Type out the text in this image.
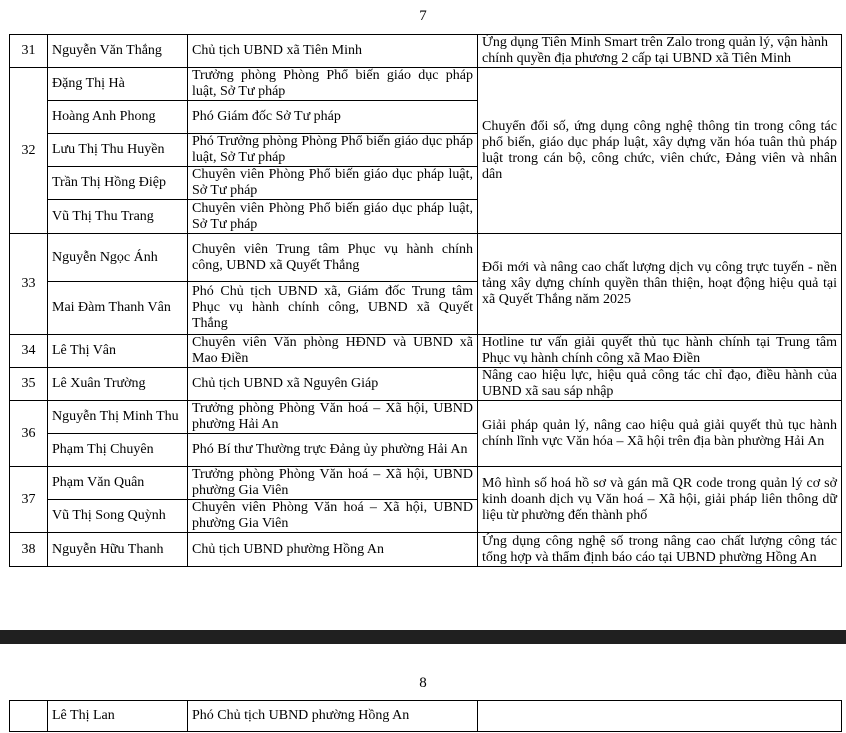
7
31	Nguyễn Văn Thắng	Chủ tịch UBND xã Tiên Minh	Ứng dụng Tiên Minh Smart trên Zalo trong quản lý, vận hành chính quyền địa phương 2 cấp tại UBND xã Tiên Minh
32	Đặng Thị Hà	Trưởng phòng Phòng Phổ biến giáo dục pháp luật, Sở Tư pháp	Chuyển đổi số, ứng dụng công nghệ thông tin trong công tác phổ biến, giáo dục pháp luật, xây dựng văn hóa tuân thủ pháp luật trong cán bộ, công chức, viên chức, Đảng viên và nhân dân
	Hoàng Anh Phong	Phó Giám đốc Sở Tư pháp	
	Lưu Thị Thu Huyền	Phó Trưởng phòng Phòng Phổ biến giáo dục pháp luật, Sở Tư pháp	
	Trần Thị Hồng Điệp	Chuyên viên Phòng Phổ biến giáo dục pháp luật, Sở Tư pháp	
	Vũ Thị Thu Trang	Chuyên viên Phòng Phổ biến giáo dục pháp luật, Sở Tư pháp	
33	Nguyễn Ngọc Ánh	Chuyên viên Trung tâm Phục vụ hành chính công, UBND xã Quyết Thắng	Đổi mới và nâng cao chất lượng dịch vụ công trực tuyến - nền tảng xây dựng chính quyền thân thiện, hoạt động hiệu quả tại xã Quyết Thắng năm 2025
	Mai Đàm Thanh Vân	Phó Chủ tịch UBND xã, Giám đốc Trung tâm Phục vụ hành chính công, UBND xã Quyết Thắng	
34	Lê Thị Vân	Chuyên viên Văn phòng HĐND và UBND xã Mao Điền	Hotline tư vấn giải quyết thủ tục hành chính tại Trung tâm Phục vụ hành chính công xã Mao Điền
35	Lê Xuân Trường	Chủ tịch UBND xã Nguyên Giáp	Nâng cao hiệu lực, hiệu quả công tác chỉ đạo, điều hành của UBND xã sau sáp nhập
36	Nguyễn Thị Minh Thu	Trưởng phòng Phòng Văn hoá – Xã hội, UBND phường Hải An	Giải pháp quản lý, nâng cao hiệu quả giải quyết thủ tục hành chính lĩnh vực Văn hóa – Xã hội trên địa bàn phường Hải An
	Phạm Thị Chuyên	Phó Bí thư Thường trực Đảng ủy phường Hải An	
37	Phạm Văn Quân	Trưởng phòng Phòng Văn hoá – Xã hội, UBND phường Gia Viên	Mô hình số hoá hồ sơ và gán mã QR code trong quản lý cơ sở kinh doanh dịch vụ Văn hoá – Xã hội, giải pháp liên thông dữ liệu từ phường đến thành phố
	Vũ Thị Song Quỳnh	Chuyên viên Phòng Văn hoá – Xã hội, UBND phường Gia Viên	
38	Nguyễn Hữu Thanh	Chủ tịch UBND phường Hồng An	Ứng dụng công nghệ số trong nâng cao chất lượng công tác tổng hợp và thẩm định báo cáo tại UBND phường Hồng An
8
	Lê Thị Lan	Phó Chủ tịch UBND phường Hồng An	
